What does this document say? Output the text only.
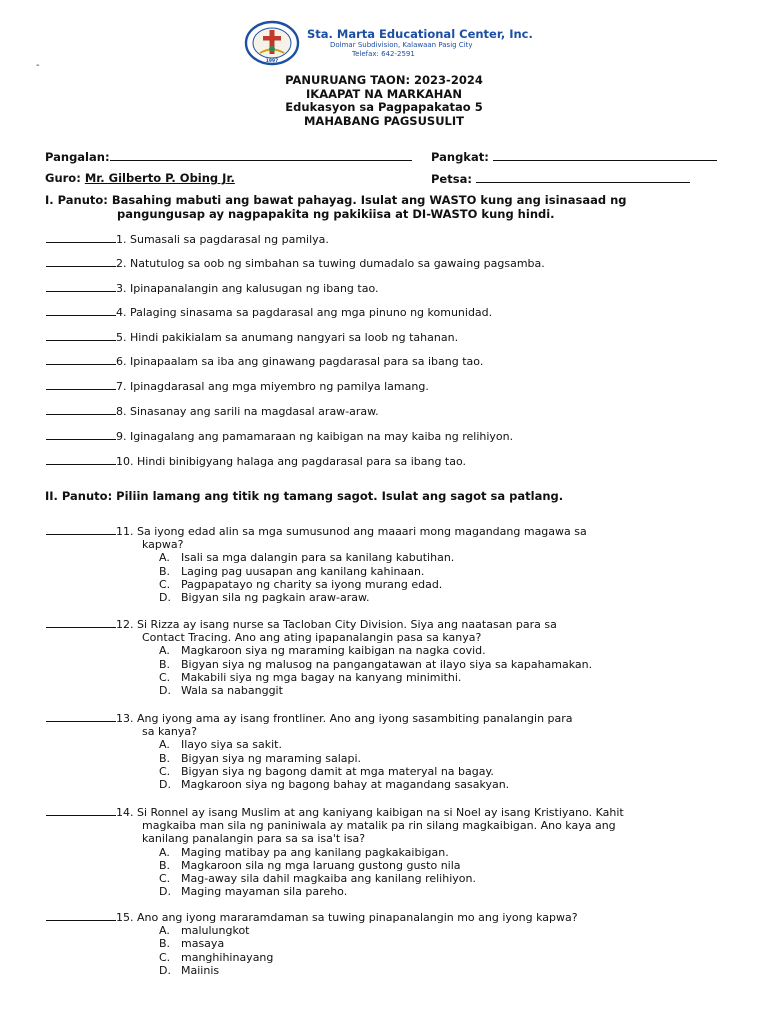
1997
Sta. Marta Educational Center, Inc.
Dolmar Subdivision, Kalawaan Pasig City
Telefax: 642-2591
-
PANURUANG TAON: 2023-2024
IKAAPAT NA MARKAHAN
Edukasyon sa Pagpapakatao 5
MAHABANG PAGSUSULIT
Pangalan:	Pangkat:
Guro: Mr. Gilberto P. Obing Jr.	Petsa:
I. Panuto: Basahing mabuti ang bawat pahayag. Isulat ang WASTO kung ang isinasaad ng
pangungusap ay nagpapakita ng pakikiisa at DI-WASTO kung hindi.
1. Sumasali sa pagdarasal ng pamilya.
2. Natutulog sa oob ng simbahan sa tuwing dumadalo sa gawaing pagsamba.
3. Ipinapanalangin ang kalusugan ng ibang tao.
4. Palaging sinasama sa pagdarasal ang mga pinuno ng komunidad.
5. Hindi pakikialam sa anumang nangyari sa loob ng tahanan.
6. Ipinapaalam sa iba ang ginawang pagdarasal para sa ibang tao.
7. Ipinagdarasal ang mga miyembro ng pamilya lamang.
8. Sinasanay ang sarili na magdasal araw-araw.
9. Iginagalang ang pamamaraan ng kaibigan na may kaiba ng relihiyon.
10. Hindi binibigyang halaga ang pagdarasal para sa ibang tao.
II. Panuto: Piliin lamang ang titik ng tamang sagot. Isulat ang sagot sa patlang.
11. Sa iyong edad alin sa mga sumusunod ang maaari mong magandang magawa sa
kapwa?
A. Isali sa mga dalangin para sa kanilang kabutihan.
B. Laging pag uusapan ang kanilang kahinaan.
C. Pagpapatayo ng charity sa iyong murang edad.
D. Bigyan sila ng pagkain araw-araw.
12. Si Rizza ay isang nurse sa Tacloban City Division. Siya ang naatasan para sa
Contact Tracing. Ano ang ating ipapanalangin pasa sa kanya?
A. Magkaroon siya ng maraming kaibigan na nagka covid.
B. Bigyan siya ng malusog na pangangatawan at ilayo siya sa kapahamakan.
C. Makabili siya ng mga bagay na kanyang minimithi.
D. Wala sa nabanggit
13. Ang iyong ama ay isang frontliner. Ano ang iyong sasambiting panalangin para
sa kanya?
A. Ilayo siya sa sakit.
B. Bigyan siya ng maraming salapi.
C. Bigyan siya ng bagong damit at mga materyal na bagay.
D. Magkaroon siya ng bagong bahay at magandang sasakyan.
14. Si Ronnel ay isang Muslim at ang kaniyang kaibigan na si Noel ay isang Kristiyano. Kahit
magkaiba man sila ng paniniwala ay matalik pa rin silang magkaibigan. Ano kaya ang
kanilang panalangin para sa sa isa't isa?
A. Maging matibay pa ang kanilang pagkakaibigan.
B. Magkaroon sila ng mga laruang gustong gusto nila
C. Mag-away sila dahil magkaiba ang kanilang relihiyon.
D. Maging mayaman sila pareho.
15. Ano ang iyong mararamdaman sa tuwing pinapanalangin mo ang iyong kapwa?
A. malulungkot
B. masaya
C. manghihinayang
D. Maiinis
